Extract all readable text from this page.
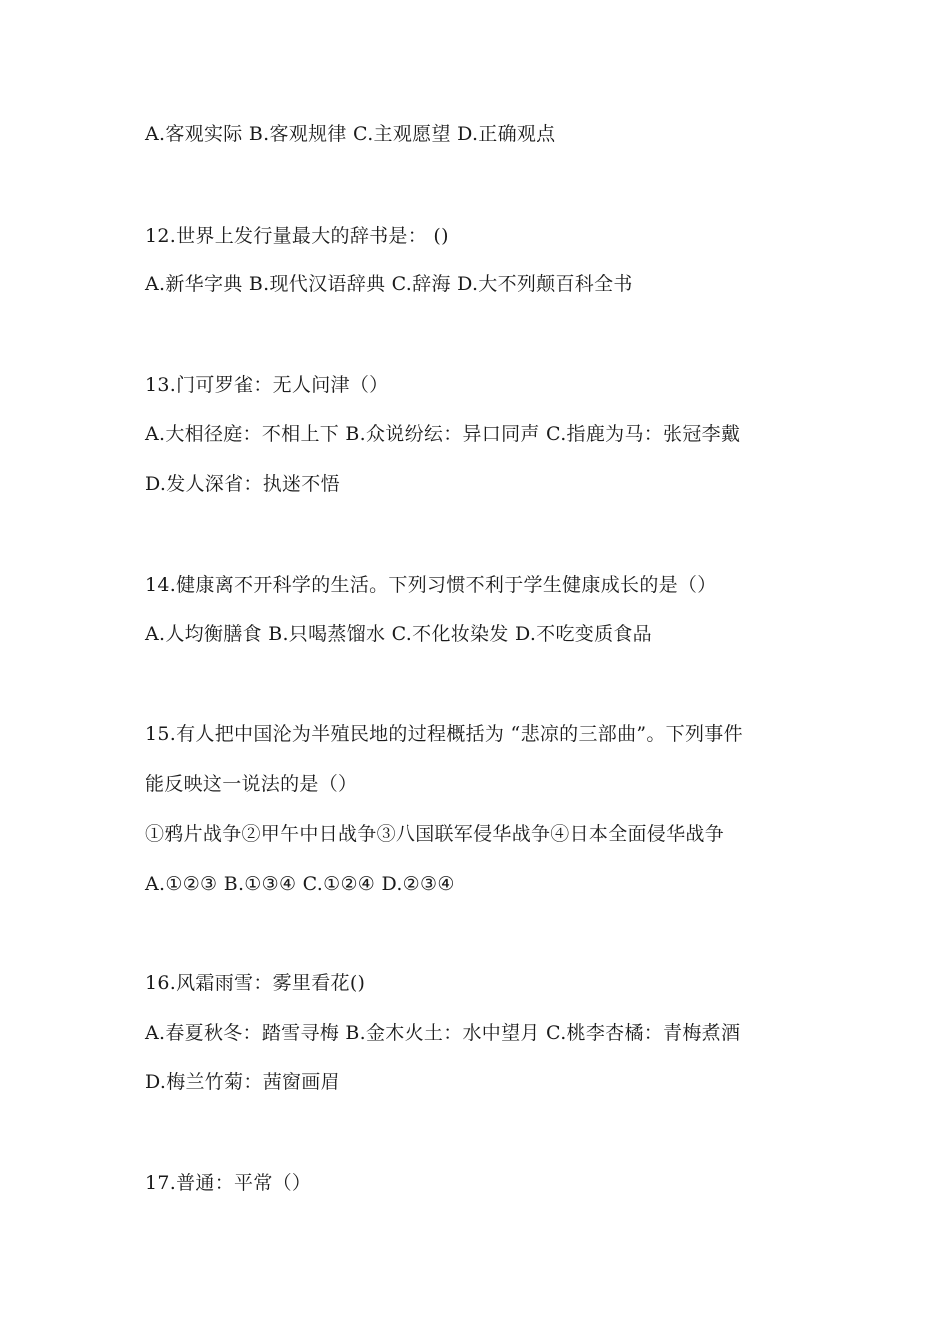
A.客观实际 B.客观规律 C.主观愿望 D.正确观点
12.世界上发行量最大的辞书是： ()
A.新华字典 B.现代汉语辞典 C.辞海 D.大不列颠百科全书
13.门可罗雀：无人问津（）
A.大相径庭：不相上下 B.众说纷纭：异口同声 C.指鹿为马：张冠李戴
D.发人深省：执迷不悟
14.健康离不开科学的生活。下列习惯不利于学生健康成长的是（）
A.人均衡膳食 B.只喝蒸馏水 C.不化妆染发 D.不吃变质食品
15.有人把中国沦为半殖民地的过程概括为 “悲凉的三部曲”。下列事件
能反映这一说法的是（）
①鸦片战争②甲午中日战争③八国联军侵华战争④日本全面侵华战争
A.①②③ B.①③④ C.①②④ D.②③④
16.风霜雨雪：雾里看花()
A.春夏秋冬：踏雪寻梅 B.金木火土：水中望月 C.桃李杏橘：青梅煮酒
D.梅兰竹菊：茜窗画眉
17.普通：平常（）
